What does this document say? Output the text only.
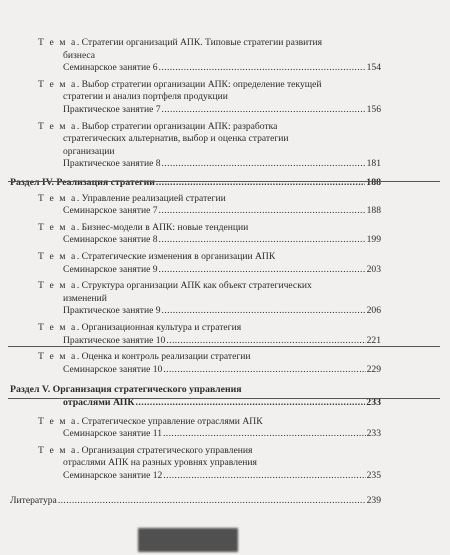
Т е м а. Стратегии организаций АПК. Типовые стратегии развития
бизнеса
Семинарское занятие 6 .....	154
Т е м а. Выбор стратегии организации АПК: определение текущей
стратегии и анализ портфеля продукции
Практическое занятие 7 .....	156
Т е м а. Выбор стратегии организации АПК: разработка
стратегических альтернатив, выбор и оценка стратегии
организации
Практическое занятие 8 .....	181
Раздел IV. Реализация стратегии .....	188
Т е м а. Управление реализацией стратегии
Семинарское занятие 7 .....	188
Т е м а. Бизнес-модели в АПК: новые тенденции
Семинарское занятие 8 .....	199
Т е м а. Стратегические изменения в организации АПК
Семинарское занятие 9 .....	203
Т е м а. Структура организации АПК как объект стратегических
изменений
Практическое занятие 9 .....	206
Т е м а. Организационная культура и стратегия
Практическое занятие 10 .....	221
Т е м а. Оценка и контроль реализации стратегии
Семинарское занятие 10 .....	229
Раздел V. Организация стратегического управления
отраслями АПК .....	233
Т е м а. Стратегическое управление отраслями АПК
Семинарское занятие 11 .....	233
Т е м а. Организация стратегического управления
отраслями АПК на разных уровнях управления
Семинарское занятие 12 .....	235
Литература .....	239
